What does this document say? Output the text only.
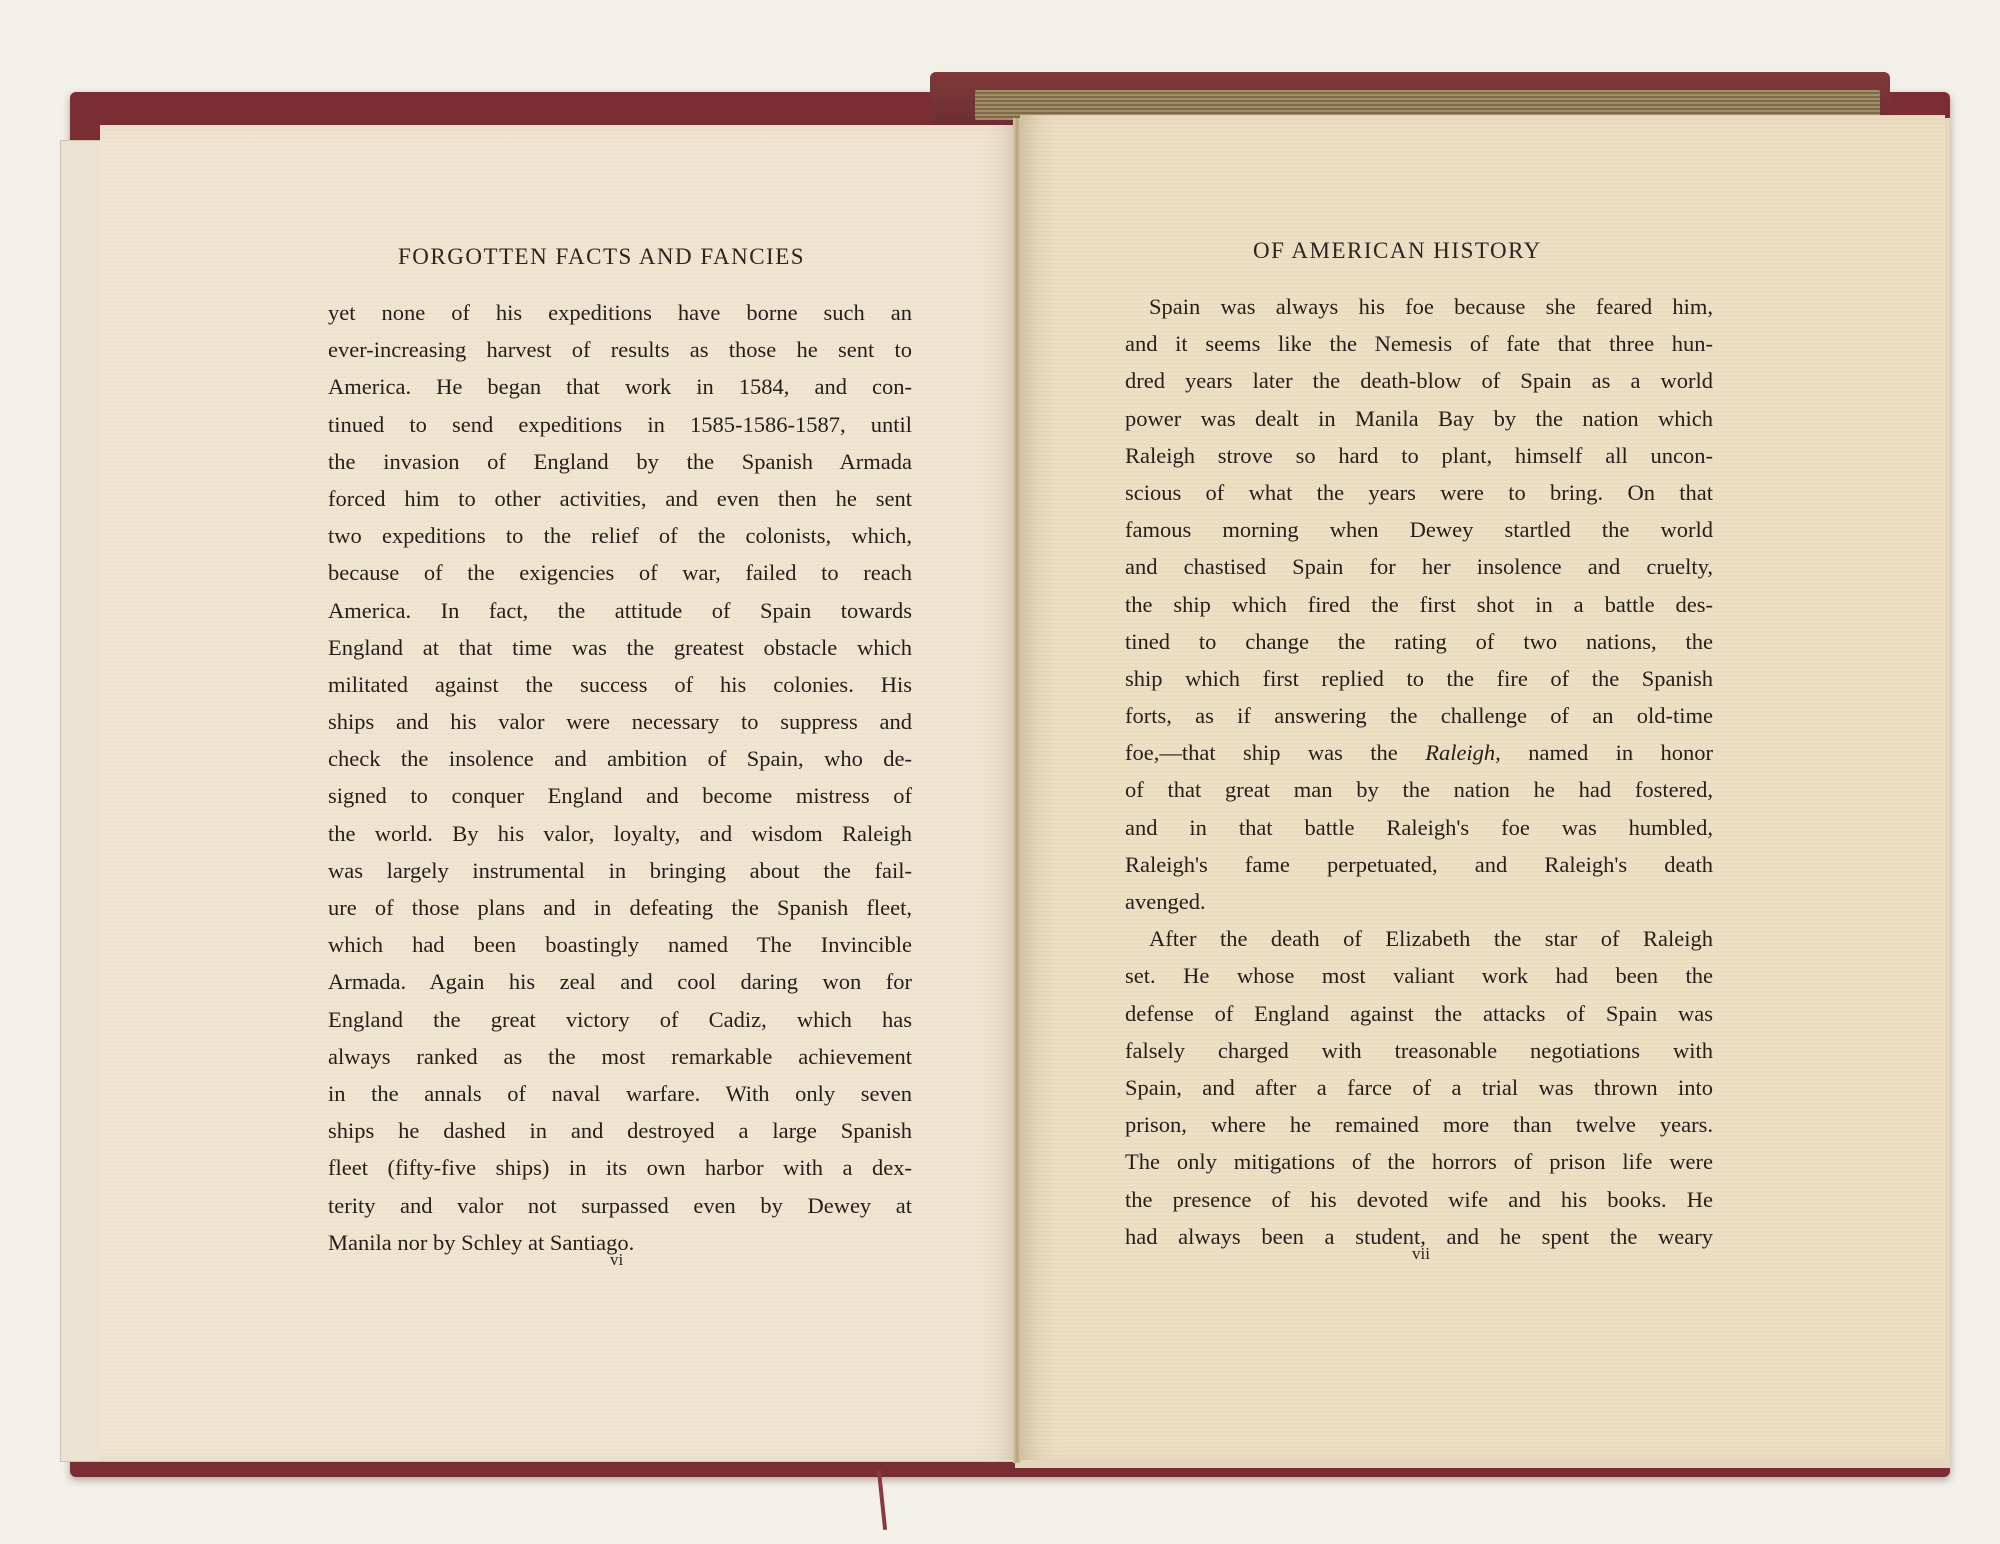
FORGOTTEN FACTS AND FANCIES
yet none of his expeditions have borne such an
ever-increasing harvest of results as those he sent to
America. He began that work in 1584, and con-
tinued to send expeditions in 1585-1586-1587, until
the invasion of England by the Spanish Armada
forced him to other activities, and even then he sent
two expeditions to the relief of the colonists, which,
because of the exigencies of war, failed to reach
America. In fact, the attitude of Spain towards
England at that time was the greatest obstacle which
militated against the success of his colonies. His
ships and his valor were necessary to suppress and
check the insolence and ambition of Spain, who de-
signed to conquer England and become mistress of
the world. By his valor, loyalty, and wisdom Raleigh
was largely instrumental in bringing about the fail-
ure of those plans and in defeating the Spanish fleet,
which had been boastingly named The Invincible
Armada. Again his zeal and cool daring won for
England the great victory of Cadiz, which has
always ranked as the most remarkable achievement
in the annals of naval warfare. With only seven
ships he dashed in and destroyed a large Spanish
fleet (fifty-five ships) in its own harbor with a dex-
terity and valor not surpassed even by Dewey at
Manila nor by Schley at Santiago.
vi
OF AMERICAN HISTORY
Spain was always his foe because she feared him,
and it seems like the Nemesis of fate that three hun-
dred years later the death-blow of Spain as a world
power was dealt in Manila Bay by the nation which
Raleigh strove so hard to plant, himself all uncon-
scious of what the years were to bring. On that
famous morning when Dewey startled the world
and chastised Spain for her insolence and cruelty,
the ship which fired the first shot in a battle des-
tined to change the rating of two nations, the
ship which first replied to the fire of the Spanish
forts, as if answering the challenge of an old-time
foe,—that ship was the Raleigh, named in honor
of that great man by the nation he had fostered,
and in that battle Raleigh's foe was humbled,
Raleigh's fame perpetuated, and Raleigh's death
avenged.
After the death of Elizabeth the star of Raleigh
set. He whose most valiant work had been the
defense of England against the attacks of Spain was
falsely charged with treasonable negotiations with
Spain, and after a farce of a trial was thrown into
prison, where he remained more than twelve years.
The only mitigations of the horrors of prison life were
the presence of his devoted wife and his books. He
had always been a student, and he spent the weary
vii
